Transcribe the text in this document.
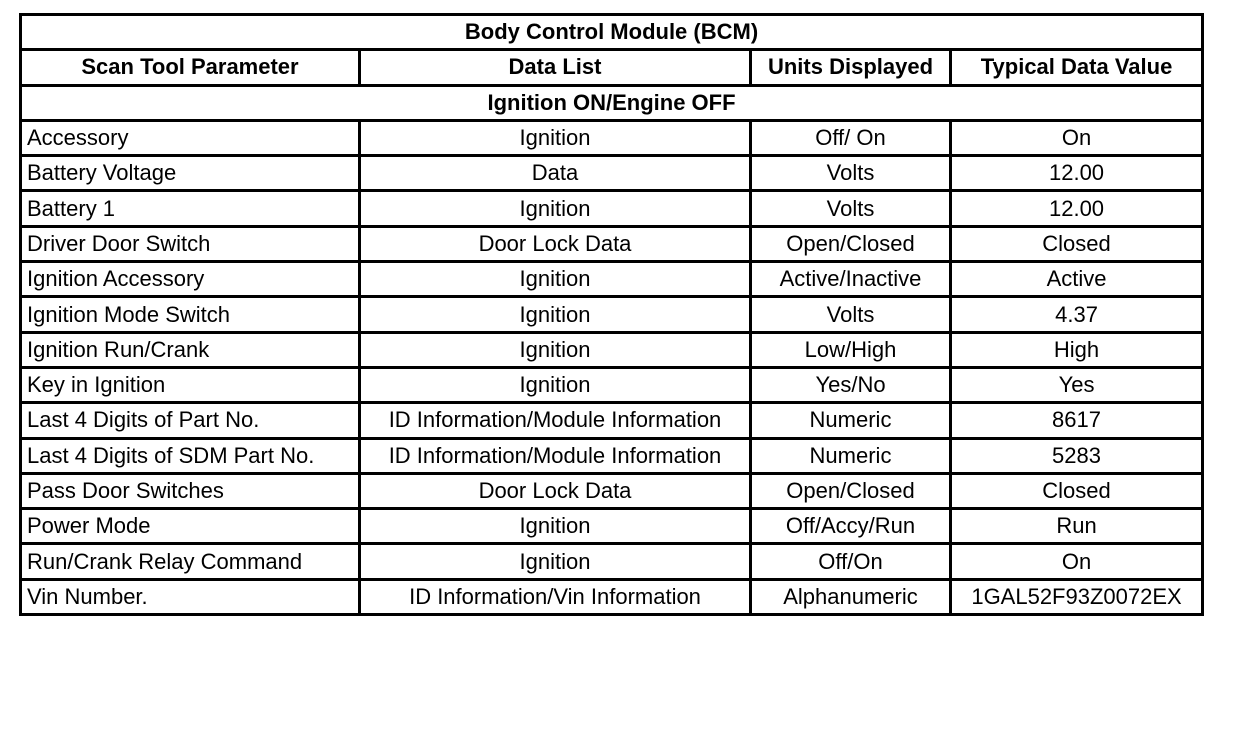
Body Control Module (BCM)			
Scan Tool Parameter	Data List	Units Displayed	Typical Data Value
Ignition ON/Engine OFF			
Accessory	Ignition	Off/ On	On
Battery Voltage	Data	Volts	12.00
Battery 1	Ignition	Volts	12.00
Driver Door Switch	Door Lock Data	Open/Closed	Closed
Ignition Accessory	Ignition	Active/Inactive	Active
Ignition Mode Switch	Ignition	Volts	4.37
Ignition Run/Crank	Ignition	Low/High	High
Key in Ignition	Ignition	Yes/No	Yes
Last 4 Digits of Part No.	ID Information/Module Information	Numeric	8617
Last 4 Digits of SDM Part No.	ID Information/Module Information	Numeric	5283
Pass Door Switches	Door Lock Data	Open/Closed	Closed
Power Mode	Ignition	Off/Accy/Run	Run
Run/Crank Relay Command	Ignition	Off/On	On
Vin Number.	ID Information/Vin Information	Alphanumeric	1GAL52F93Z0072EX
